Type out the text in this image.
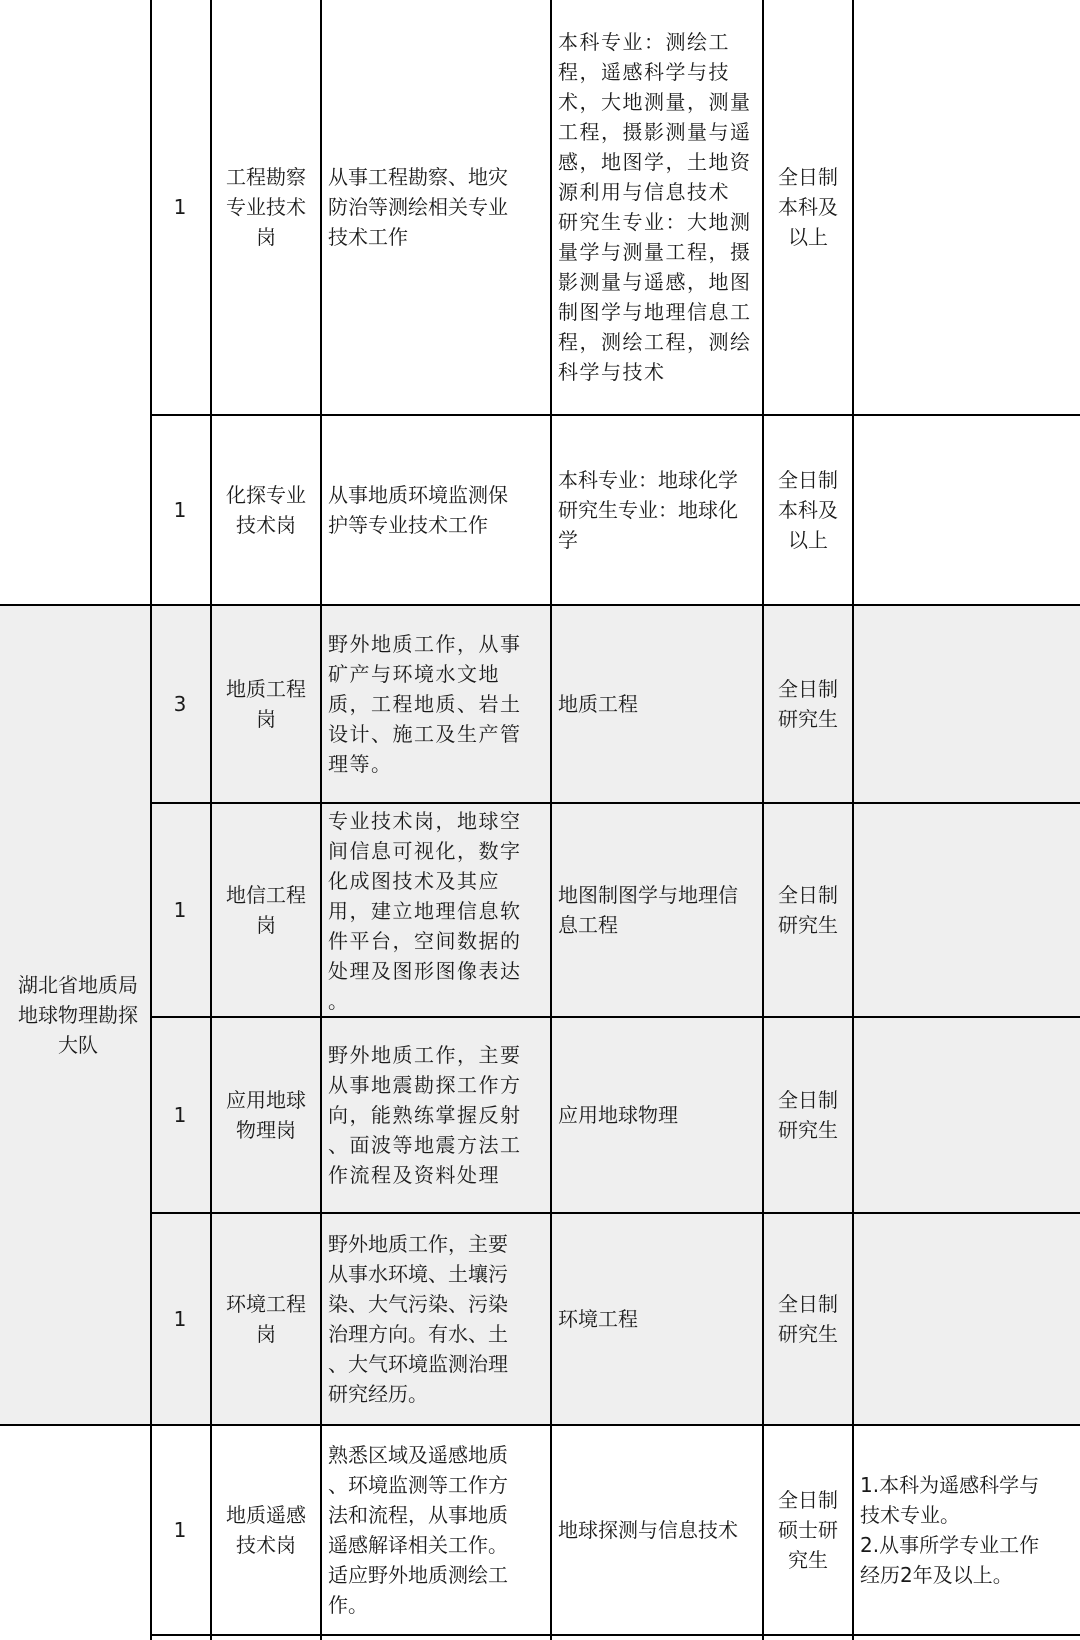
湖北省地质局
地球物理勘探
大队
1
工程勘察
专业技术
岗
从事工程勘察、地灾
防治等测绘相关专业
技术工作
本科专业：测绘工
程，遥感科学与技
术，大地测量，测量
工程，摄影测量与遥
感，地图学，土地资
源利用与信息技术
研究生专业：大地测
量学与测量工程，摄
影测量与遥感，地图
制图学与地理信息工
程，测绘工程，测绘
科学与技术
全日制
本科及
以上
1
化探专业
技术岗
从事地质环境监测保
护等专业技术工作
本科专业：地球化学
研究生专业：地球化
学
全日制
本科及
以上
3
地质工程
岗
野外地质工作，从事
矿产与环境水文地
质，工程地质、岩土
设计、施工及生产管
理等。
地质工程
全日制
研究生
1
地信工程
岗
专业技术岗，地球空
间信息可视化，数字
化成图技术及其应
用，建立地理信息软
件平台，空间数据的
处理及图形图像表达
。
地图制图学与地理信
息工程
全日制
研究生
1
应用地球
物理岗
野外地质工作，主要
从事地震勘探工作方
向，能熟练掌握反射
、面波等地震方法工
作流程及资料处理
应用地球物理
全日制
研究生
1
环境工程
岗
野外地质工作，主要
从事水环境、土壤污
染、大气污染、污染
治理方向。有水、土
、大气环境监测治理
研究经历。
环境工程
全日制
研究生
1
地质遥感
技术岗
熟悉区域及遥感地质
、环境监测等工作方
法和流程，从事地质
遥感解译相关工作。
适应野外地质测绘工
作。
地球探测与信息技术
全日制
硕士研
究生
1.本科为遥感科学与
技术专业。
2.从事所学专业工作
经历2年及以上。
